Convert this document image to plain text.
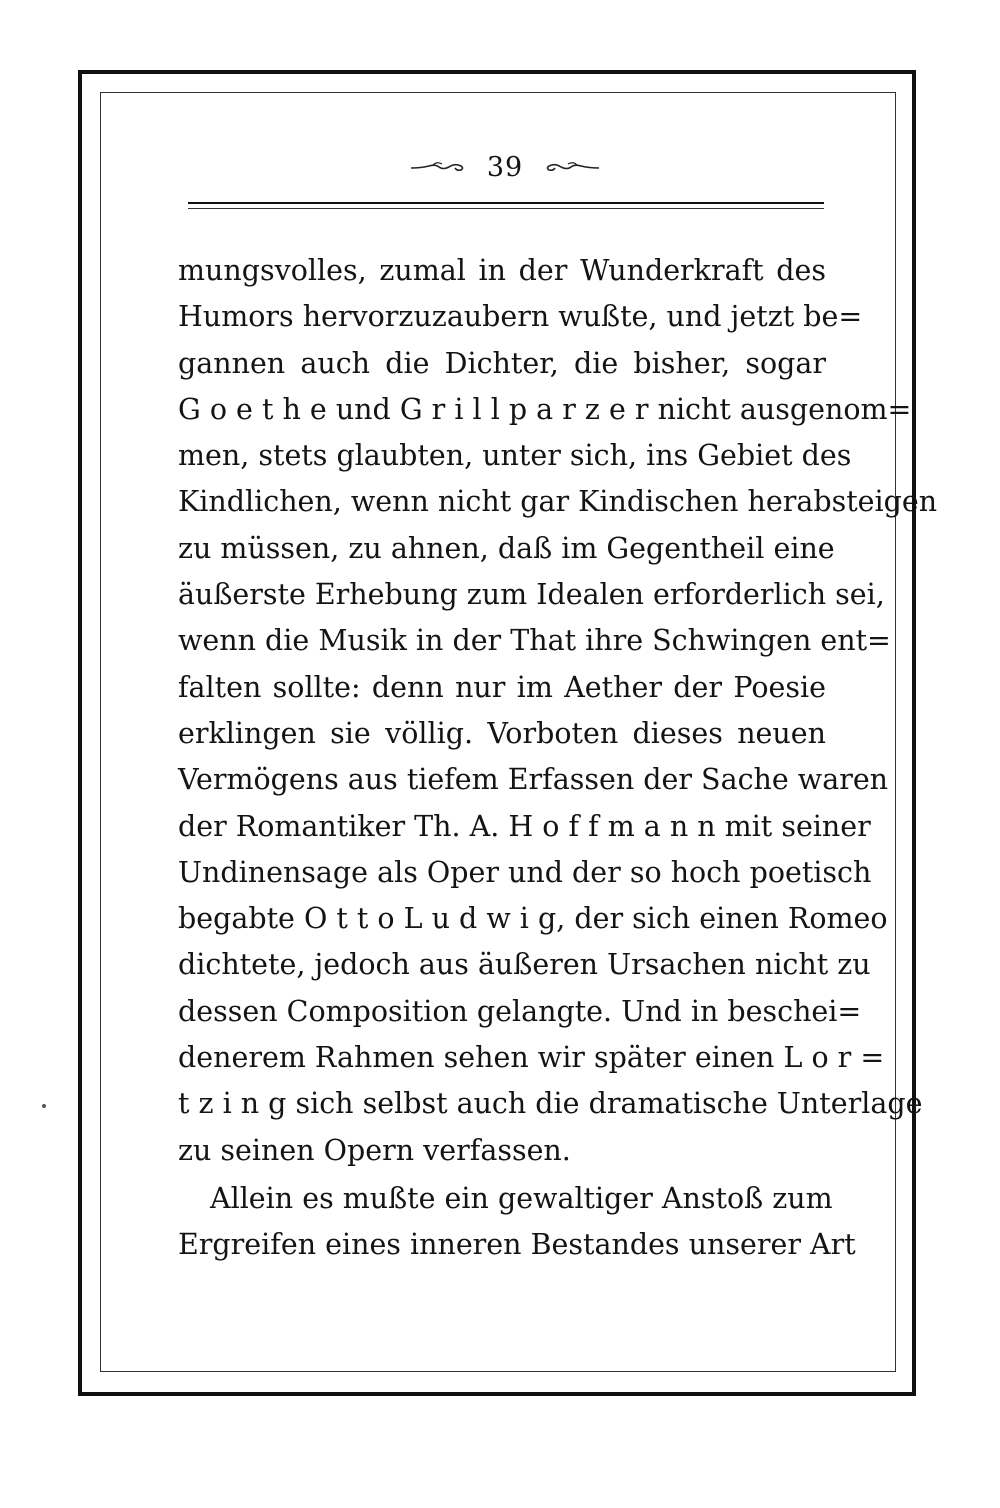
39
mungsvolles, zumal in der Wunderkraft des
Humors hervorzuzaubern wußte, und jetzt be=
gannen auch die Dichter, die bisher, sogar
G o e t h e und G r i l l p a r z e r nicht ausgenom=
men, stets glaubten, unter sich, ins Gebiet des
Kindlichen, wenn nicht gar Kindischen herabsteigen
zu müssen, zu ahnen, daß im Gegentheil eine
äußerste Erhebung zum Idealen erforderlich sei,
wenn die Musik in der That ihre Schwingen ent=
falten sollte: denn nur im Aether der Poesie
erklingen sie völlig. Vorboten dieses neuen
Vermögens aus tiefem Erfassen der Sache waren
der Romantiker Th. A. H o f f m a n n mit seiner
Undinensage als Oper und der so hoch poetisch
begabte O t t o L u d w i g, der sich einen Romeo
dichtete, jedoch aus äußeren Ursachen nicht zu
dessen Composition gelangte. Und in beschei=
denerem Rahmen sehen wir später einen L o r =
t z i n g sich selbst auch die dramatische Unterlage
zu seinen Opern verfassen.
Allein es mußte ein gewaltiger Anstoß zum
Ergreifen eines inneren Bestandes unserer Art
